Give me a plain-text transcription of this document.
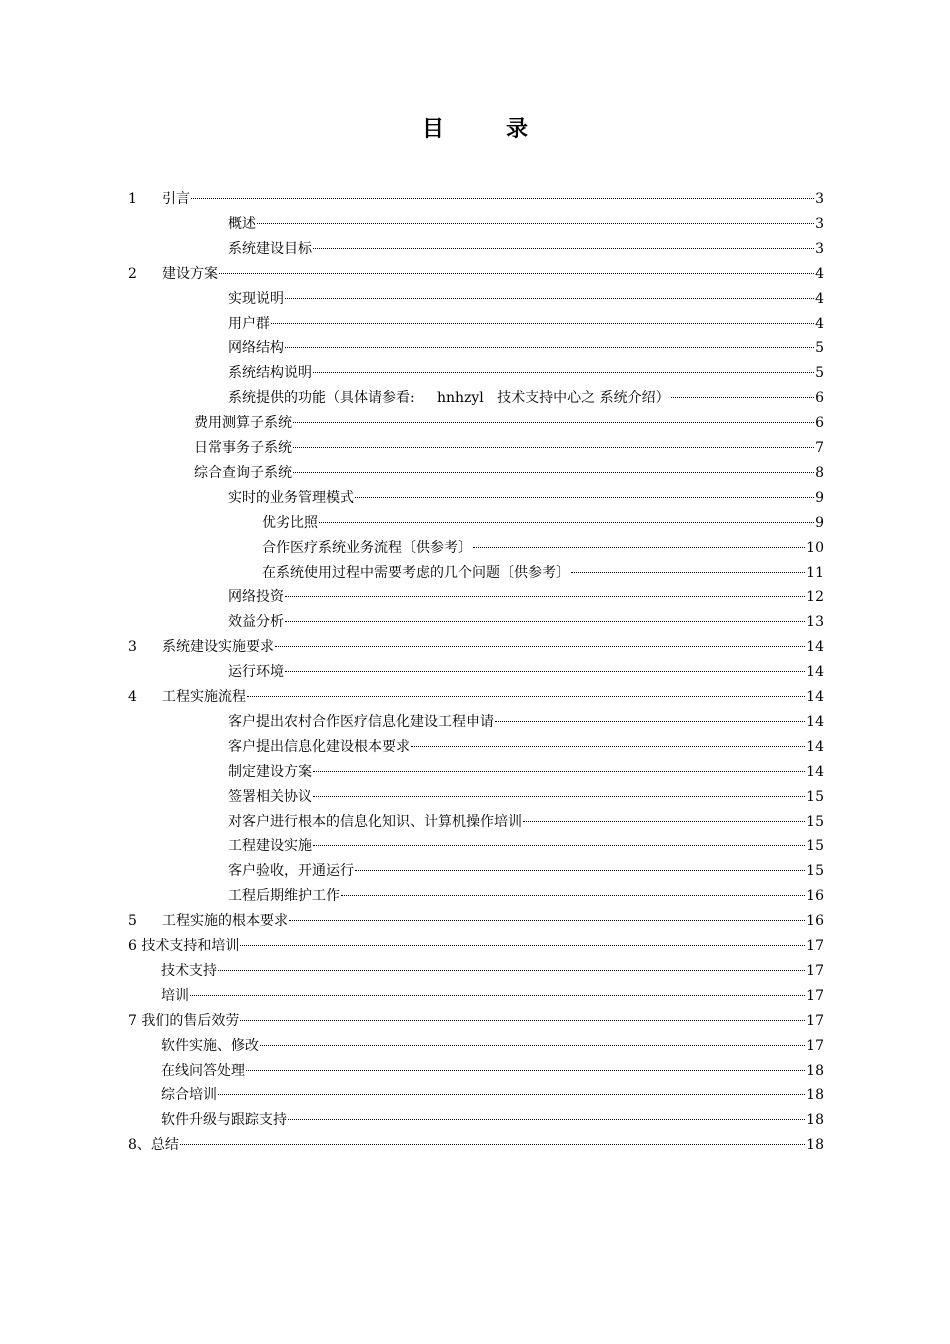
目	录
1	引言	3
概述	3
系统建设目标	3
2	建设方案	4
实现说明	4
用户群	4
网络结构	5
系统结构说明	5
系统提供的功能（具体请参看:     hnhzyl   技术支持中心之 系统介绍）	6
费用测算子系统	6
日常事务子系统	7
综合查询子系统	8
实时的业务管理模式	9
优劣比照	9
合作医疗系统业务流程〔供参考〕	10
在系统使用过程中需要考虑的几个问题〔供参考〕	11
网络投资	12
效益分析	13
3	系统建设实施要求	14
运行环境	14
4	工程实施流程	14
客户提出农村合作医疗信息化建设工程申请	14
客户提出信息化建设根本要求	14
制定建设方案	14
签署相关协议	15
对客户进行根本的信息化知识、计算机操作培训	15
工程建设实施	15
客户验收，开通运行	15
工程后期维护工作	16
5	工程实施的根本要求	16
6 技术支持和培训	17
技术支持	17
培训	17
7 我们的售后效劳	17
软件实施、修改	17
在线问答处理	18
综合培训	18
软件升级与跟踪支持	18
8、总结	18
